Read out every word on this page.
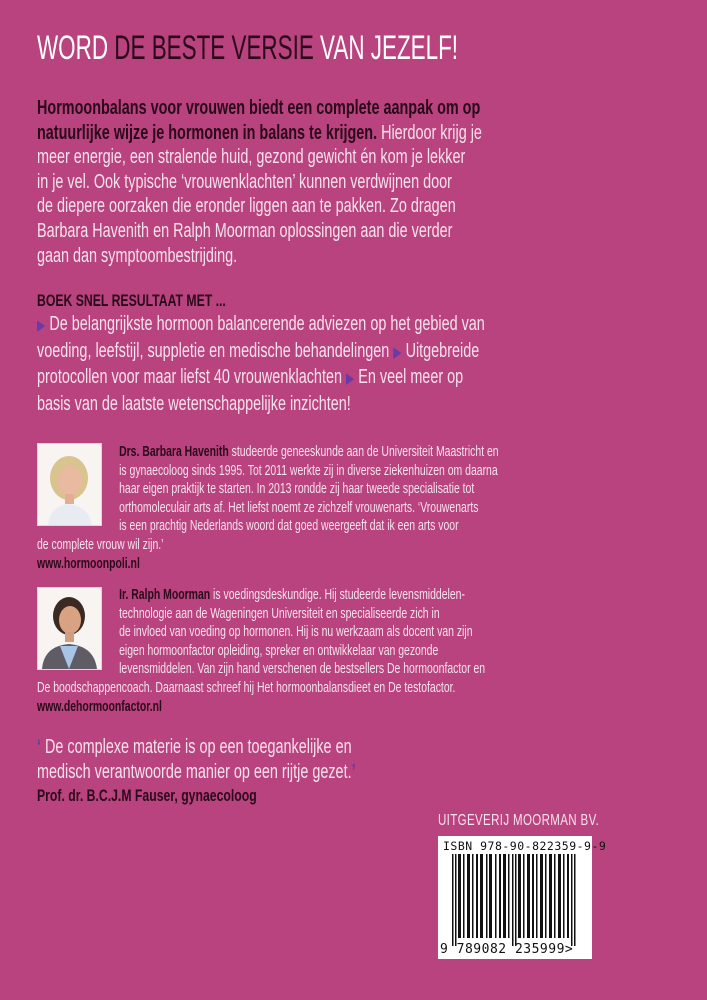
WORD DE BESTE VERSIE VAN JEZELF!
Hormoonbalans voor vrouwen biedt een complete aanpak om op
natuurlijke wijze je hormonen in balans te krijgen. Hierdoor krijg je
meer energie, een stralende huid, gezond gewicht én kom je lekker
in je vel. Ook typische ‘vrouwenklachten’ kunnen verdwijnen door
de diepere oorzaken die eronder liggen aan te pakken. Zo dragen
Barbara Havenith en Ralph Moorman oplossingen aan die verder
gaan dan symptoombestrijding.
BOEK SNEL RESULTAAT MET ...
▶ De belangrijkste hormoon balancerende adviezen op het gebied van
voeding, leefstijl, suppletie en medische behandelingen ▶ Uitgebreide
protocollen voor maar liefst 40 vrouwenklachten ▶ En veel meer op
basis van de laatste wetenschappelijke inzichten!
Drs. Barbara Havenith studeerde geneeskunde aan de Universiteit Maastricht en
is gynaecoloog sinds 1995. Tot 2011 werkte zij in diverse ziekenhuizen om daarna
haar eigen praktijk te starten. In 2013 rondde zij haar tweede specialisatie tot
orthomoleculair arts af. Het liefst noemt ze zichzelf vrouwenarts. ‘Vrouwenarts
is een prachtig Nederlands woord dat goed weergeeft dat ik een arts voor
de complete vrouw wil zijn.’
www.hormoonpoli.nl
Ir. Ralph Moorman is voedingsdeskundige. Hij studeerde levensmiddelen-
technologie aan de Wageningen Universiteit en specialiseerde zich in
de invloed van voeding op hormonen. Hij is nu werkzaam als docent van zijn
eigen hormoonfactor opleiding, spreker en ontwikkelaar van gezonde
levensmiddelen. Van zijn hand verschenen de bestsellers De hormoonfactor en
De boodschappencoach. Daarnaast schreef hij Het hormoonbalansdieet en De testofactor.
www.dehormoonfactor.nl
‘ De complexe materie is op een toegankelijke en
medisch verantwoorde manier op een rijtje gezet.’
Prof. dr. B.C.J.M Fauser, gynaecoloog
UITGEVERIJ MOORMAN BV.
ISBN 978-90-822359-9-9
9 789082 235999>
